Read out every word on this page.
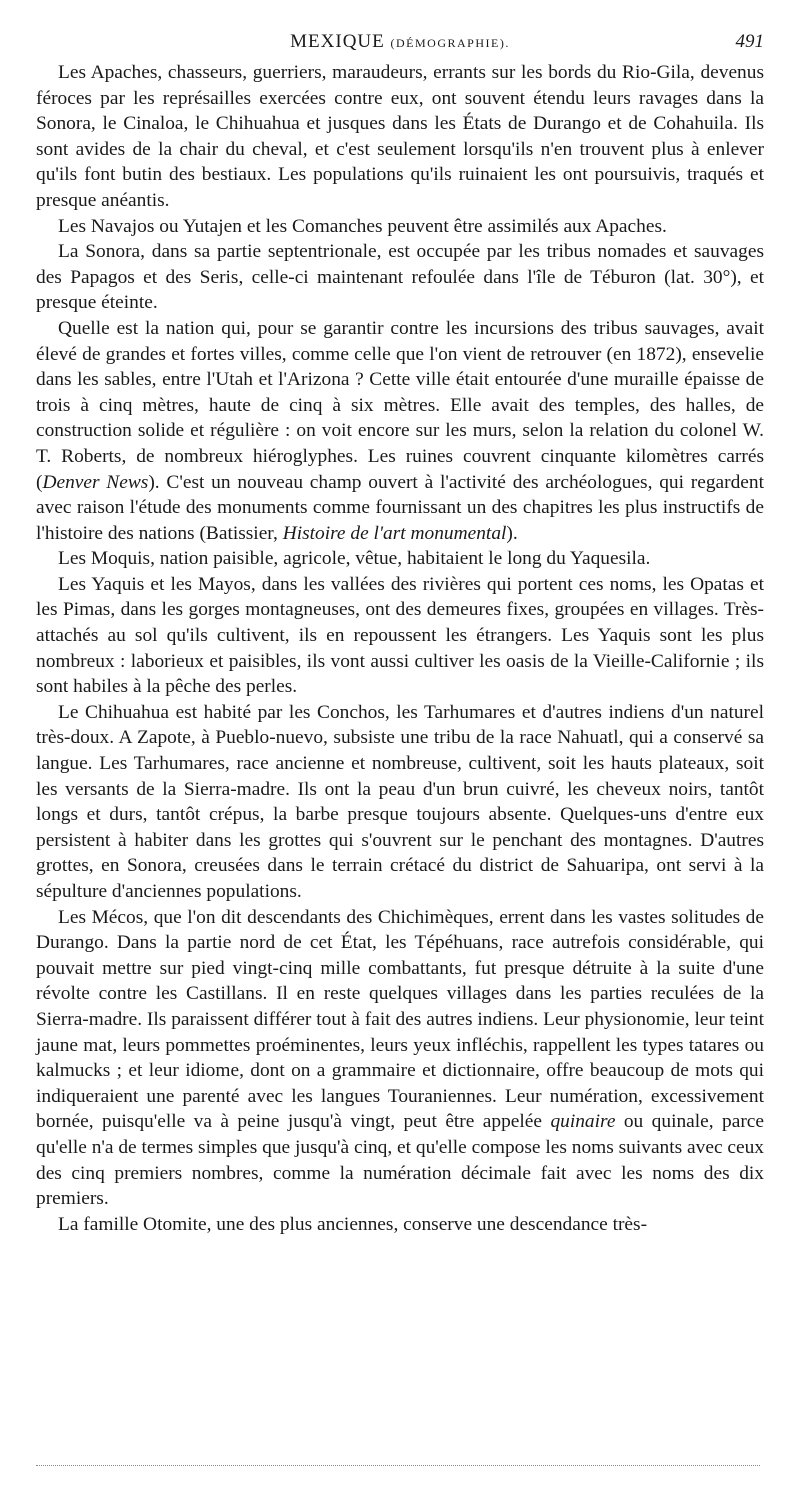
MEXIQUE (DÉMOGRAPHIE).	491

Les Apaches, chasseurs, guerriers, maraudeurs, errants sur les bords du Rio-Gila, devenus féroces par les représailles exercées contre eux, ont souvent étendu leurs ravages dans la Sonora, le Cinaloa, le Chihuahua et jusques dans les États de Durango et de Cohahuila. Ils sont avides de la chair du cheval, et c'est seulement lorsqu'ils n'en trouvent plus à enlever qu'ils font butin des bestiaux. Les populations qu'ils ruinaient les ont poursuivis, traqués et presque anéantis.

Les Navajos ou Yutajen et les Comanches peuvent être assimilés aux Apaches.

La Sonora, dans sa partie septentrionale, est occupée par les tribus nomades et sauvages des Papagos et des Seris, celle-ci maintenant refoulée dans l'île de Téburon (lat. 30°), et presque éteinte.

Quelle est la nation qui, pour se garantir contre les incursions des tribus sauvages, avait élevé de grandes et fortes villes, comme celle que l'on vient de retrouver (en 1872), ensevelie dans les sables, entre l'Utah et l'Arizona ? Cette ville était entourée d'une muraille épaisse de trois à cinq mètres, haute de cinq à six mètres. Elle avait des temples, des halles, de construction solide et régulière : on voit encore sur les murs, selon la relation du colonel W. T. Roberts, de nombreux hiéroglyphes. Les ruines couvrent cinquante kilomètres carrés (Denver News). C'est un nouveau champ ouvert à l'activité des archéologues, qui regardent avec raison l'étude des monuments comme fournissant un des chapitres les plus instructifs de l'histoire des nations (Batissier, Histoire de l'art monumental).

Les Moquis, nation paisible, agricole, vêtue, habitaient le long du Yaquesila.

Les Yaquis et les Mayos, dans les vallées des rivières qui portent ces noms, les Opatas et les Pimas, dans les gorges montagneuses, ont des demeures fixes, groupées en villages. Très-attachés au sol qu'ils cultivent, ils en repoussent les étrangers. Les Yaquis sont les plus nombreux : laborieux et paisibles, ils vont aussi cultiver les oasis de la Vieille-Californie ; ils sont habiles à la pêche des perles.

Le Chihuahua est habité par les Conchos, les Tarhumares et d'autres indiens d'un naturel très-doux. A Zapote, à Pueblo-nuevo, subsiste une tribu de la race Nahuatl, qui a conservé sa langue. Les Tarhumares, race ancienne et nombreuse, cultivent, soit les hauts plateaux, soit les versants de la Sierra-madre. Ils ont la peau d'un brun cuivré, les cheveux noirs, tantôt longs et durs, tantôt crépus, la barbe presque toujours absente. Quelques-uns d'entre eux persistent à habiter dans les grottes qui s'ouvrent sur le penchant des montagnes. D'autres grottes, en Sonora, creusées dans le terrain crétacé du district de Sahuaripa, ont servi à la sépulture d'anciennes populations.

Les Mécos, que l'on dit descendants des Chichimèques, errent dans les vastes solitudes de Durango. Dans la partie nord de cet État, les Tépéhuans, race autrefois considérable, qui pouvait mettre sur pied vingt-cinq mille combattants, fut presque détruite à la suite d'une révolte contre les Castillans. Il en reste quelques villages dans les parties reculées de la Sierra-madre. Ils paraissent différer tout à fait des autres indiens. Leur physionomie, leur teint jaune mat, leurs pommettes proéminentes, leurs yeux infléchis, rappellent les types tatares ou kalmucks ; et leur idiome, dont on a grammaire et dictionnaire, offre beaucoup de mots qui indiqueraient une parenté avec les langues Touraniennes. Leur numération, excessivement bornée, puisqu'elle va à peine jusqu'à vingt, peut être appelée quinaire ou quinale, parce qu'elle n'a de termes simples que jusqu'à cinq, et qu'elle compose les noms suivants avec ceux des cinq premiers nombres, comme la numération décimale fait avec les noms des dix premiers.

La famille Otomite, une des plus anciennes, conserve une descendance très-
